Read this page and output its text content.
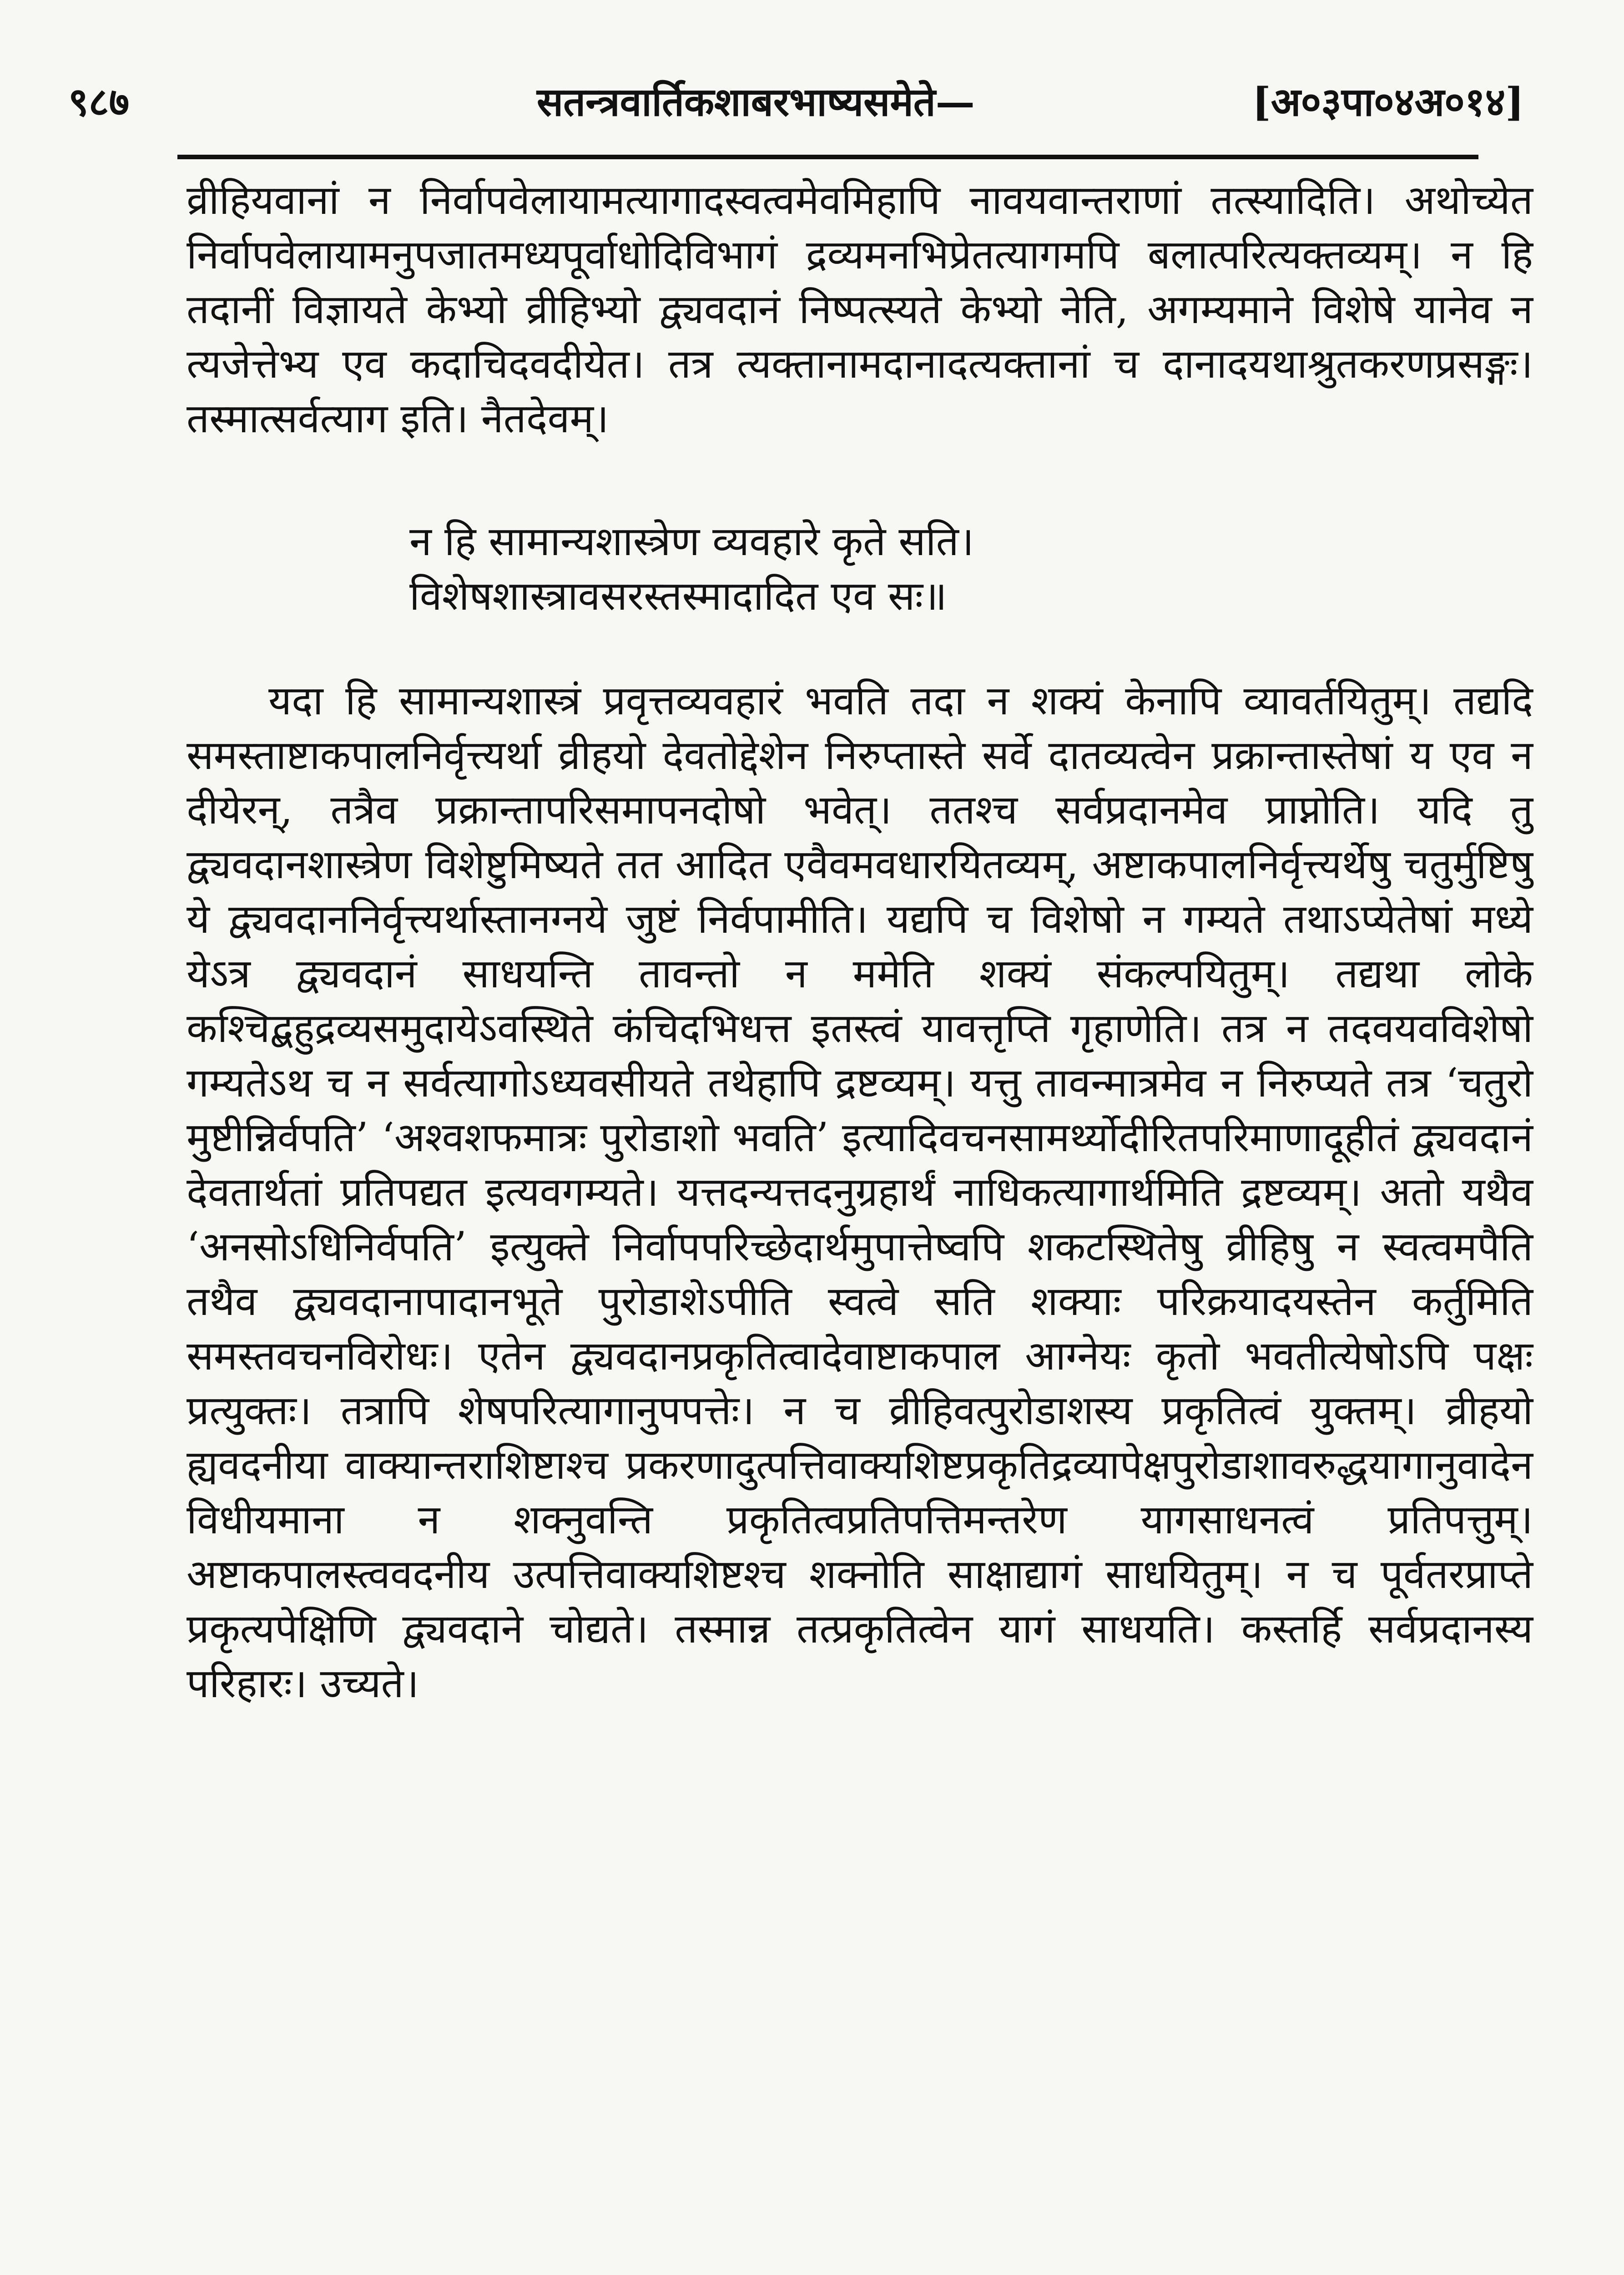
९८७	सतन्त्रवार्तिकशाबरभाष्यसमेते—	[अ०३पा०४अ०१४]

व्रीहियवानां न निर्वापवेलायामत्यागादस्वत्वमेवमिहापि नावयवान्तराणां तत्स्यादिति। अथोच्येत निर्वापवेलायामनुपजातमध्यपूर्वाधोदिविभागं द्रव्यमनभिप्रेतत्यागमपि बलात्परित्यक्तव्यम्। न हि तदानीं विज्ञायते केभ्यो व्रीहिभ्यो द्व्यवदानं निष्पत्स्यते केभ्यो नेति, अगम्यमाने विशेषे यानेव न त्यजेत्तेभ्य एव कदाचिदवदीयेत। तत्र त्यक्तानामदानादत्यक्तानां च दानादयथाश्रुतकरणप्रसङ्गः। तस्मात्सर्वत्याग इति। नैतदेवम्।

न हि सामान्यशास्त्रेण व्यवहारे कृते सति।
विशेषशास्त्रावसरस्तस्मादादित एव सः॥

यदा हि सामान्यशास्त्रं प्रवृत्तव्यवहारं भवति तदा न शक्यं केनापि व्यावर्तयितुम्। तद्यदि समस्ताष्टाकपालनिर्वृत्त्यर्था व्रीहयो देवतोद्देशेन निरुप्तास्ते सर्वे दातव्यत्वेन प्रक्रान्तास्तेषां य एव न दीयेरन्, तत्रैव प्रक्रान्तापरिसमापनदोषो भवेत्। ततश्च सर्वप्रदानमेव प्राप्नोति। यदि तु द्व्यवदानशास्त्रेण विशेष्टुमिष्यते तत आदित एवैवमवधारयितव्यम्, अष्टाकपालनिर्वृत्त्यर्थेषु चतुर्मुष्टिषु ये द्व्यवदाननिर्वृत्त्यर्थास्तानग्नये जुष्टं निर्वपामीति। यद्यपि च विशेषो न गम्यते तथाऽप्येतेषां मध्ये येऽत्र द्व्यवदानं साधयन्ति तावन्तो न ममेति शक्यं संकल्पयितुम्। तद्यथा लोके कश्चिद्बहुद्रव्यसमुदायेऽवस्थिते कंचिदभिधत्त इतस्त्वं यावत्तृप्ति गृहाणेति। तत्र न तदवयवविशेषो गम्यतेऽथ च न सर्वत्यागोऽध्यवसीयते तथेहापि द्रष्टव्यम्। यत्तु तावन्मात्रमेव न निरुप्यते तत्र ‘चतुरो मुष्टीन्निर्वपति’ ‘अश्वशफमात्रः पुरोडाशो भवति’ इत्यादिवचनसामर्थ्योदीरितपरिमाणादूहीतं द्व्यवदानं देवतार्थतां प्रतिपद्यत इत्यवगम्यते। यत्तदन्यत्तदनुग्रहार्थं नाधिकत्यागार्थमिति द्रष्टव्यम्। अतो यथैव ‘अनसोऽधिनिर्वपति’ इत्युक्ते निर्वापपरिच्छेदार्थमुपात्तेष्वपि शकटस्थितेषु व्रीहिषु न स्वत्वमपैति तथैव द्व्यवदानापादानभूते पुरोडाशेऽपीति स्वत्वे सति शक्याः परिक्रयादयस्तेन कर्तुमिति समस्तवचनविरोधः। एतेन द्व्यवदानप्रकृतित्वादेवाष्टाकपाल आग्नेयः कृतो भवतीत्येषोऽपि पक्षः प्रत्युक्तः। तत्रापि शेषपरित्यागानुपपत्तेः। न च व्रीहिवत्पुरोडाशस्य प्रकृतित्वं युक्तम्। व्रीहयो ह्यवदनीया वाक्यान्तराशिष्टाश्च प्रकरणादुत्पत्तिवाक्यशिष्टप्रकृतिद्रव्यापेक्षपुरोडाशावरुद्धयागानुवादेन विधीयमाना न शक्नुवन्ति प्रकृतित्वप्रतिपत्तिमन्तरेण यागसाधनत्वं प्रतिपत्तुम्। अष्टाकपालस्त्ववदनीय उत्पत्तिवाक्यशिष्टश्च शक्नोति साक्षाद्यागं साधयितुम्। न च पूर्वतरप्राप्ते प्रकृत्यपेक्षिणि द्व्यवदाने चोद्यते। तस्मान्न तत्प्रकृतित्वेन यागं साधयति। कस्तर्हि सर्वप्रदानस्य परिहारः। उच्यते।
